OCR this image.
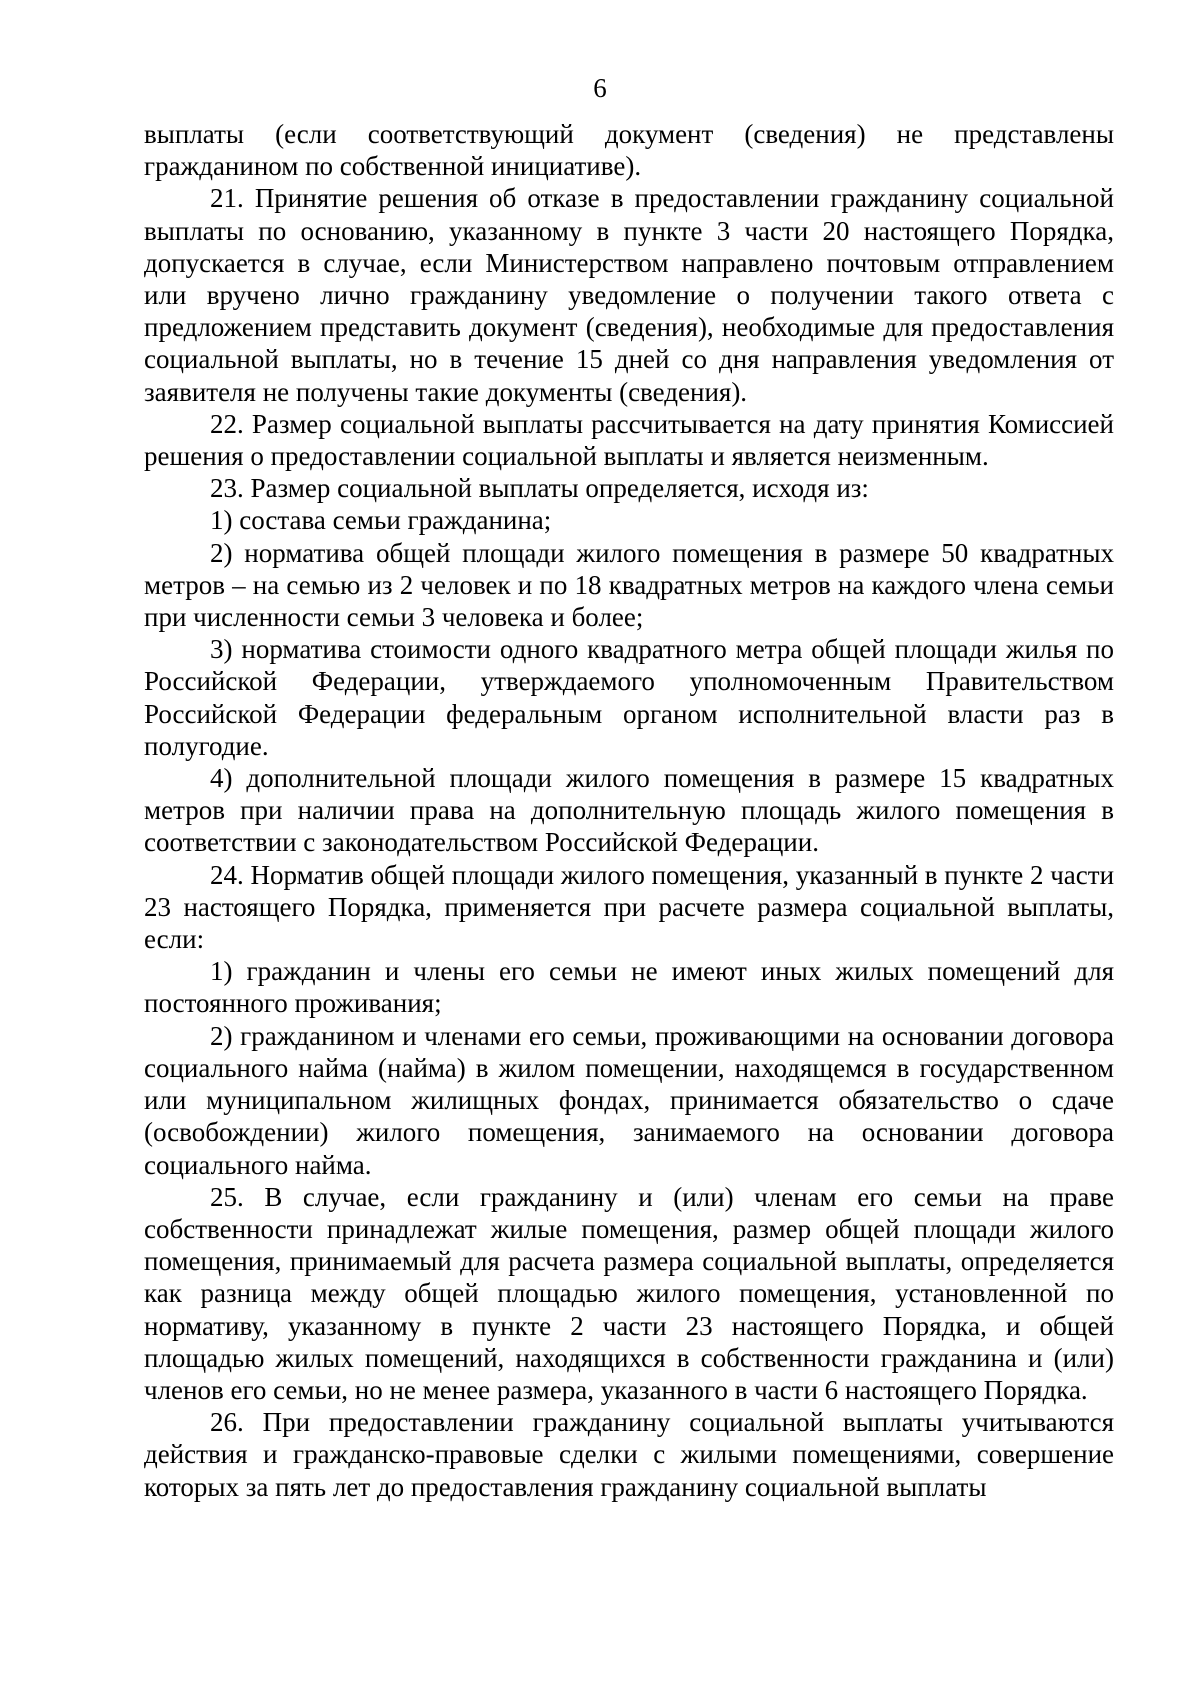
6

выплаты (если соответствующий документ (сведения) не представлены гражданином по собственной инициативе).

21. Принятие решения об отказе в предоставлении гражданину социальной выплаты по основанию, указанному в пункте 3 части 20 настоящего Порядка, допускается в случае, если Министерством направлено почтовым отправлением или вручено лично гражданину уведомление о получении такого ответа с предложением представить документ (сведения), необходимые для предоставления социальной выплаты, но в течение 15 дней со дня направления уведомления от заявителя не получены такие документы (сведения).

22. Размер социальной выплаты рассчитывается на дату принятия Комиссией решения о предоставлении социальной выплаты и является неизменным.

23. Размер социальной выплаты определяется, исходя из:

1) состава семьи гражданина;

2) норматива общей площади жилого помещения в размере 50 квадратных метров – на семью из 2 человек и по 18 квадратных метров на каждого члена семьи при численности семьи 3 человека и более;

3) норматива стоимости одного квадратного метра общей площади жилья по Российской Федерации, утверждаемого уполномоченным Правительством Российской Федерации федеральным органом исполнительной власти раз в полугодие.

4) дополнительной площади жилого помещения в размере 15 квадратных метров при наличии права на дополнительную площадь жилого помещения в соответствии с законодательством Российской Федерации.

24. Норматив общей площади жилого помещения, указанный в пункте 2 части 23 настоящего Порядка, применяется при расчете размера социальной выплаты, если:

1) гражданин и члены его семьи не имеют иных жилых помещений для постоянного проживания;

2) гражданином и членами его семьи, проживающими на основании договора социального найма (найма) в жилом помещении, находящемся в государственном или муниципальном жилищных фондах, принимается обязательство о сдаче (освобождении) жилого помещения, занимаемого на основании договора социального найма.

25. В случае, если гражданину и (или) членам его семьи на праве собственности принадлежат жилые помещения, размер общей площади жилого помещения, принимаемый для расчета размера социальной выплаты, определяется как разница между общей площадью жилого помещения, установленной по нормативу, указанному в пункте 2 части 23 настоящего Порядка, и общей площадью жилых помещений, находящихся в собственности гражданина и (или) членов его семьи, но не менее размера, указанного в части 6 настоящего Порядка.

26. При предоставлении гражданину социальной выплаты учитываются действия и гражданско-правовые сделки с жилыми помещениями, совершение которых за пять лет до предоставления гражданину социальной выплаты
